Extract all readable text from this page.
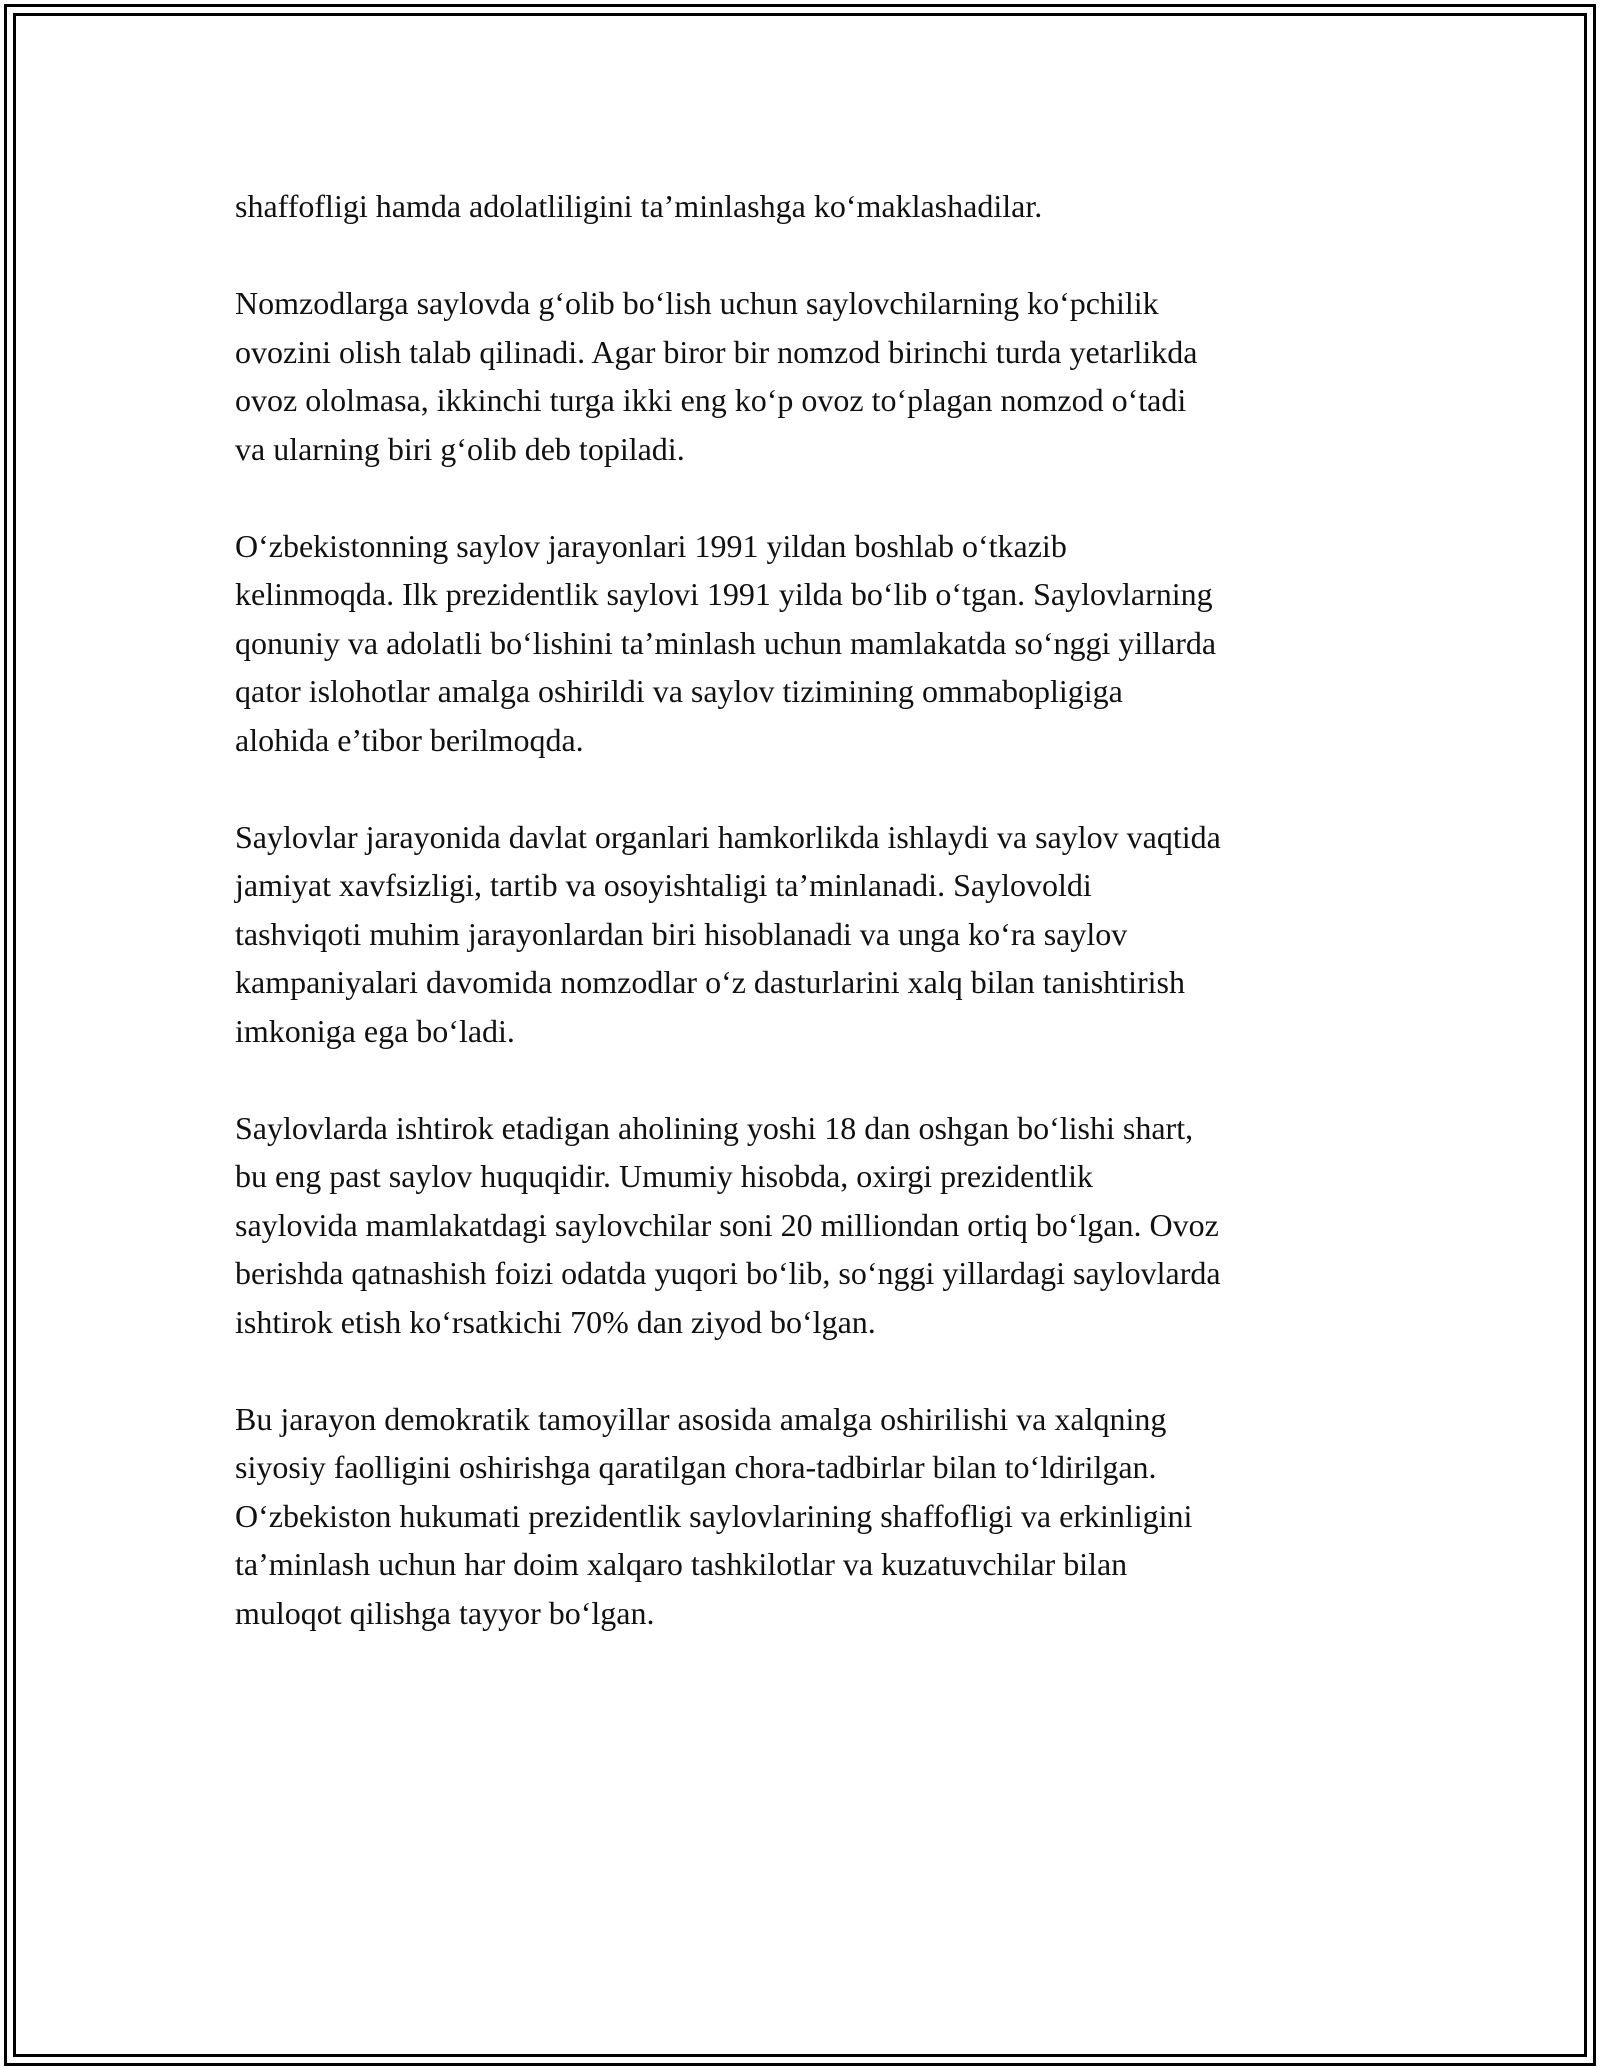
shaffofligi hamda adolatliligini ta’minlashga ko‘maklashadilar.

Nomzodlarga saylovda g‘olib bo‘lish uchun saylovchilarning ko‘pchilik
ovozini olish talab qilinadi. Agar biror bir nomzod birinchi turda yetarlikda
ovoz ololmasa, ikkinchi turga ikki eng ko‘p ovoz to‘plagan nomzod o‘tadi
va ularning biri g‘olib deb topiladi.

O‘zbekistonning saylov jarayonlari 1991 yildan boshlab o‘tkazib
kelinmoqda. Ilk prezidentlik saylovi 1991 yilda bo‘lib o‘tgan. Saylovlarning
qonuniy va adolatli bo‘lishini ta’minlash uchun mamlakatda so‘nggi yillarda
qator islohotlar amalga oshirildi va saylov tizimining ommabopligiga
alohida e’tibor berilmoqda.

Saylovlar jarayonida davlat organlari hamkorlikda ishlaydi va saylov vaqtida
jamiyat xavfsizligi, tartib va osoyishtaligi ta’minlanadi. Saylovoldi
tashviqoti muhim jarayonlardan biri hisoblanadi va unga ko‘ra saylov
kampaniyalari davomida nomzodlar o‘z dasturlarini xalq bilan tanishtirish
imkoniga ega bo‘ladi.

Saylovlarda ishtirok etadigan aholining yoshi 18 dan oshgan bo‘lishi shart,
bu eng past saylov huquqidir. Umumiy hisobda, oxirgi prezidentlik
saylovida mamlakatdagi saylovchilar soni 20 milliondan ortiq bo‘lgan. Ovoz
berishda qatnashish foizi odatda yuqori bo‘lib, so‘nggi yillardagi saylovlarda
ishtirok etish ko‘rsatkichi 70% dan ziyod bo‘lgan.

Bu jarayon demokratik tamoyillar asosida amalga oshirilishi va xalqning
siyosiy faolligini oshirishga qaratilgan chora-tadbirlar bilan to‘ldirilgan.
O‘zbekiston hukumati prezidentlik saylovlarining shaffofligi va erkinligini
ta’minlash uchun har doim xalqaro tashkilotlar va kuzatuvchilar bilan
muloqot qilishga tayyor bo‘lgan.
